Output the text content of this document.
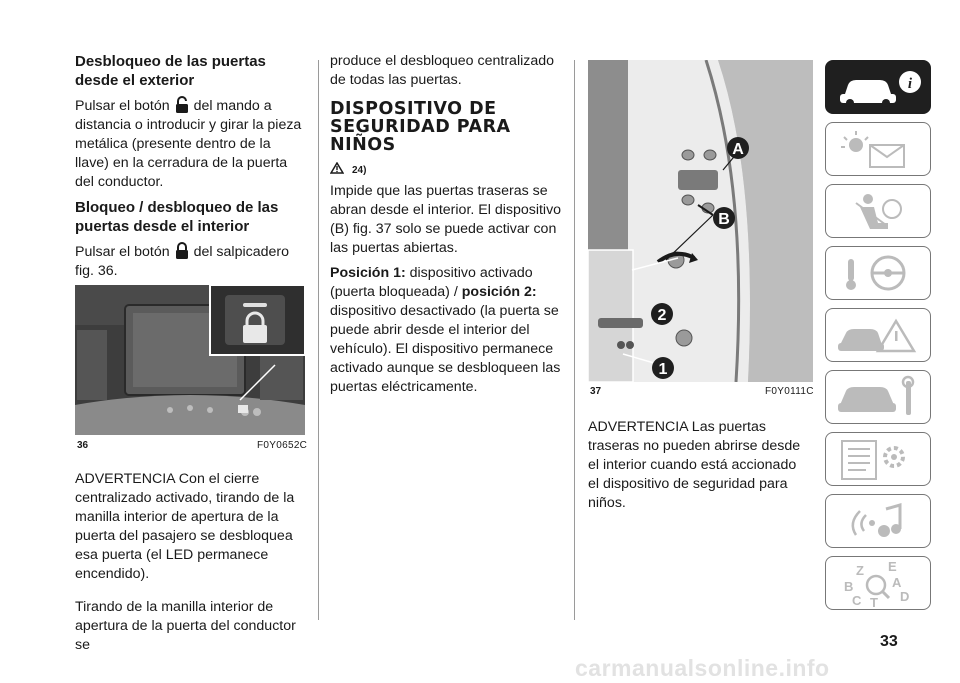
Desbloqueo de las puertas desde el exterior

Pulsar el botón del mando a distancia o introducir y girar la pieza metálica (presente dentro de la llave) en la cerradura de la puerta del conductor.

Bloqueo / desbloqueo de las puertas desde el interior

Pulsar el botón del salpicadero fig. 36.

36	F0Y0652C

ADVERTENCIA Con el cierre centralizado activado, tirando de la manilla interior de apertura de la puerta del pasajero se desbloquea esa puerta (el LED permanece encendido).

Tirando de la manilla interior de apertura de la puerta del conductor se

produce el desbloqueo centralizado de todas las puertas.

DISPOSITIVO DE SEGURIDAD PARA NIÑOS

24)

Impide que las puertas traseras se abran desde el interior. El dispositivo (B) fig. 37 solo se puede activar con las puertas abiertas.

Posición 1: dispositivo activado (puerta bloqueada) / posición 2: dispositivo desactivado (la puerta se puede abrir desde el interior del vehículo). El dispositivo permanece activado aunque se desbloqueen las puertas eléctricamente.

A
B
2
1
37	F0Y0111C

ADVERTENCIA Las puertas traseras no pueden abrirse desde el interior cuando está accionado el dispositivo de seguridad para niños.

i
Z E
B	A
C T D
33
carmanualsonline.info
